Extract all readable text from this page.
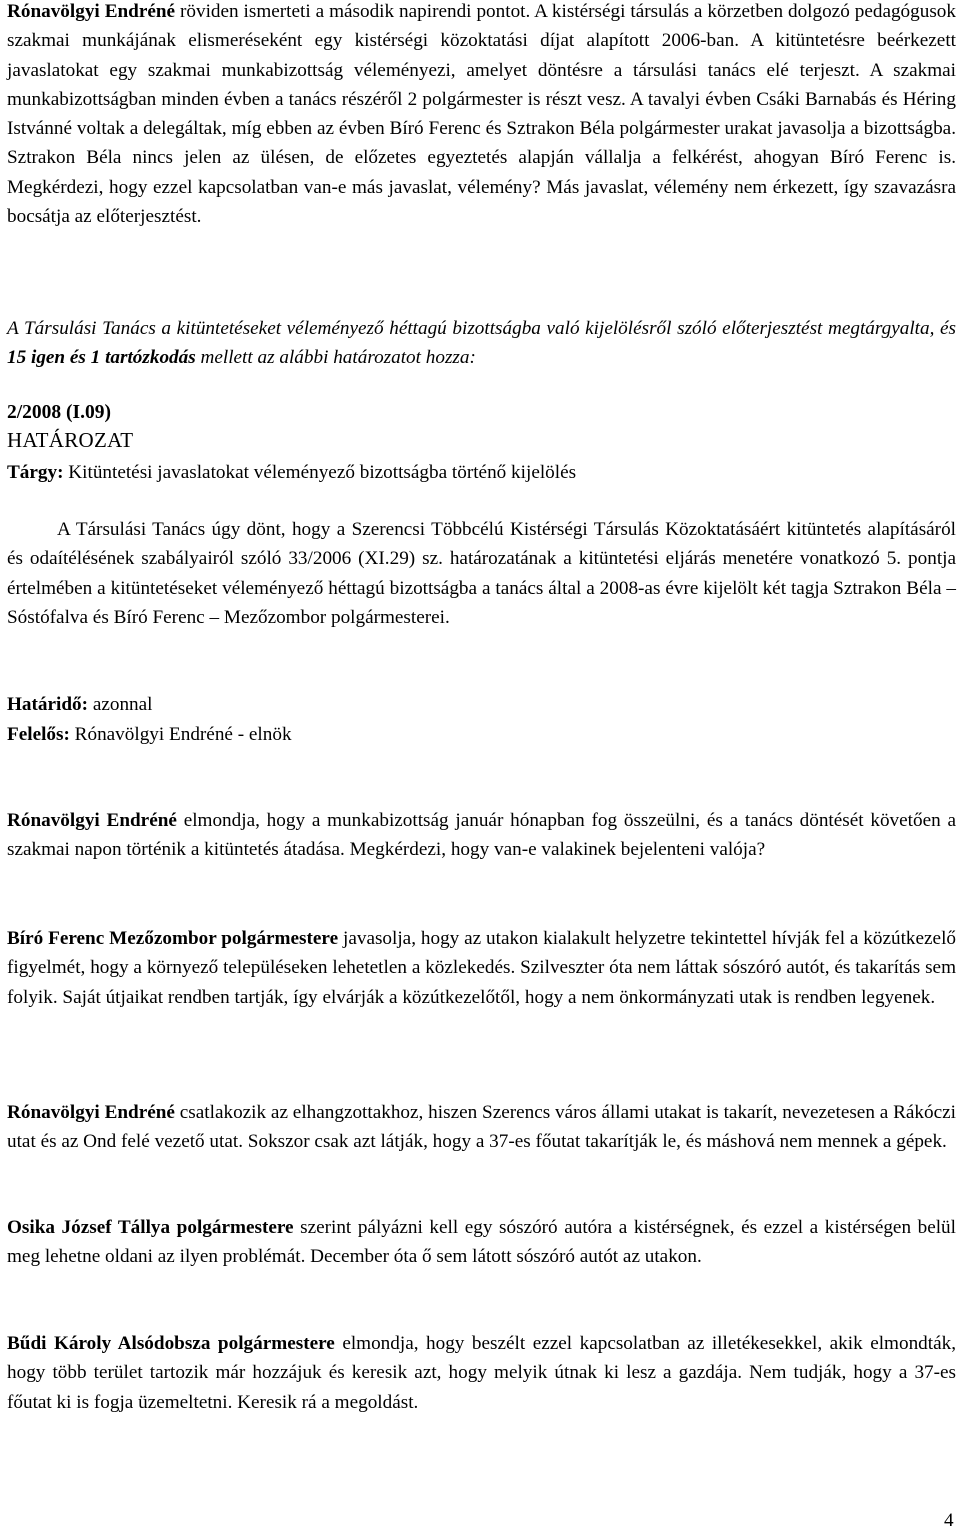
Rónavölgyi Endréné röviden ismerteti a második napirendi pontot. A kistérségi társulás a körzetben dolgozó pedagógusok szakmai munkájának elismeréseként egy kistérségi közoktatási díjat alapított 2006-ban. A kitüntetésre beérkezett javaslatokat egy szakmai munkabizottság véleményezi, amelyet döntésre a társulási tanács elé terjeszt. A szakmai munkabizottságban minden évben a tanács részéről 2 polgármester is részt vesz. A tavalyi évben Csáki Barnabás és Héring Istvánné voltak a delegáltak, míg ebben az évben Bíró Ferenc és Sztrakon Béla polgármester urakat javasolja a bizottságba. Sztrakon Béla nincs jelen az ülésen, de előzetes egyeztetés alapján vállalja a felkérést, ahogyan Bíró Ferenc is. Megkérdezi, hogy ezzel kapcsolatban van-e más javaslat, vélemény? Más javaslat, vélemény nem érkezett, így szavazásra bocsátja az előterjesztést.

A Társulási Tanács a kitüntetéseket véleményező héttagú bizottságba való kijelölésről szóló előterjesztést megtárgyalta, és 15 igen és 1 tartózkodás mellett az alábbi határozatot hozza:

2/2008 (I.09)
HATÁROZAT

Tárgy: Kitüntetési javaslatokat véleményező bizottságba történő kijelölés

A Társulási Tanács úgy dönt, hogy a Szerencsi Többcélú Kistérségi Társulás Közoktatásáért kitüntetés alapításáról és odaítélésének szabályairól szóló 33/2006 (XI.29) sz. határozatának a kitüntetési eljárás menetére vonatkozó 5. pontja értelmében a kitüntetéseket véleményező héttagú bizottságba a tanács által a 2008-as évre kijelölt két tagja Sztrakon Béla – Sóstófalva és Bíró Ferenc – Mezőzombor polgármesterei.

Határidő: azonnal

Felelős: Rónavölgyi Endréné - elnök

Rónavölgyi Endréné elmondja, hogy a munkabizottság január hónapban fog összeülni, és a tanács döntését követően a szakmai napon történik a kitüntetés átadása. Megkérdezi, hogy van-e valakinek bejelenteni valója?

Bíró Ferenc Mezőzombor polgármestere javasolja, hogy az utakon kialakult helyzetre tekintettel hívják fel a közútkezelő figyelmét, hogy a környező településeken lehetetlen a közlekedés. Szilveszter óta nem láttak sószóró autót, és takarítás sem folyik. Saját útjaikat rendben tartják, így elvárják a közútkezelőtől, hogy a nem önkormányzati utak is rendben legyenek.

Rónavölgyi Endréné csatlakozik az elhangzottakhoz, hiszen Szerencs város állami utakat is takarít, nevezetesen a Rákóczi utat és az Ond felé vezető utat. Sokszor csak azt látják, hogy a 37-es főutat takarítják le, és máshová nem mennek a gépek.

Osika József Tállya polgármestere szerint pályázni kell egy sószóró autóra a kistérségnek, és ezzel a kistérségen belül meg lehetne oldani az ilyen problémát. December óta ő sem látott sószóró autót az utakon.

Bűdi Károly Alsódobsza polgármestere elmondja, hogy beszélt ezzel kapcsolatban az illetékesekkel, akik elmondták, hogy több terület tartozik már hozzájuk és keresik azt, hogy melyik útnak ki lesz a gazdája. Nem tudják, hogy a 37-es főutat ki is fogja üzemeltetni. Keresik rá a megoldást.

4
